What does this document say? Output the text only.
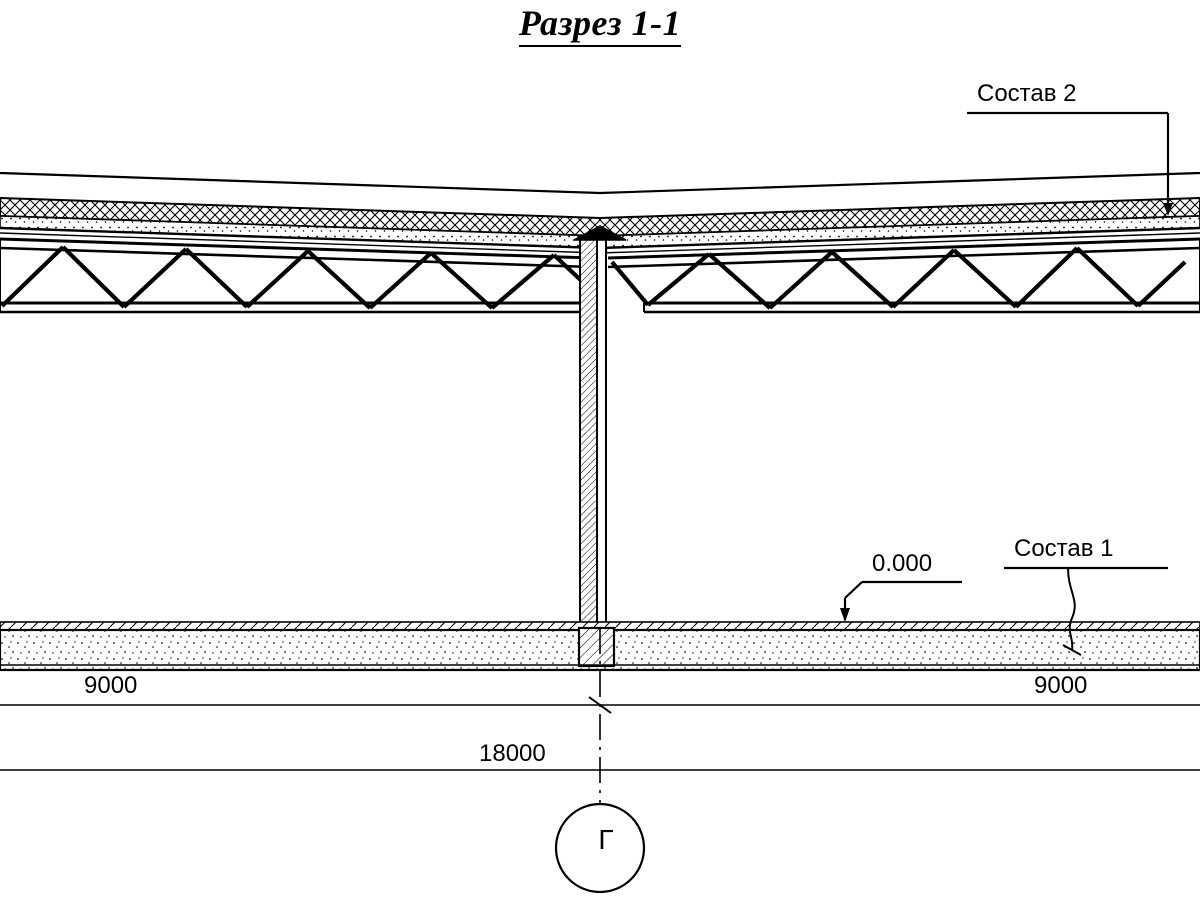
Разрез 1-1
Состав 2
Состав 1
0.000
9000	9000
18000
Г
